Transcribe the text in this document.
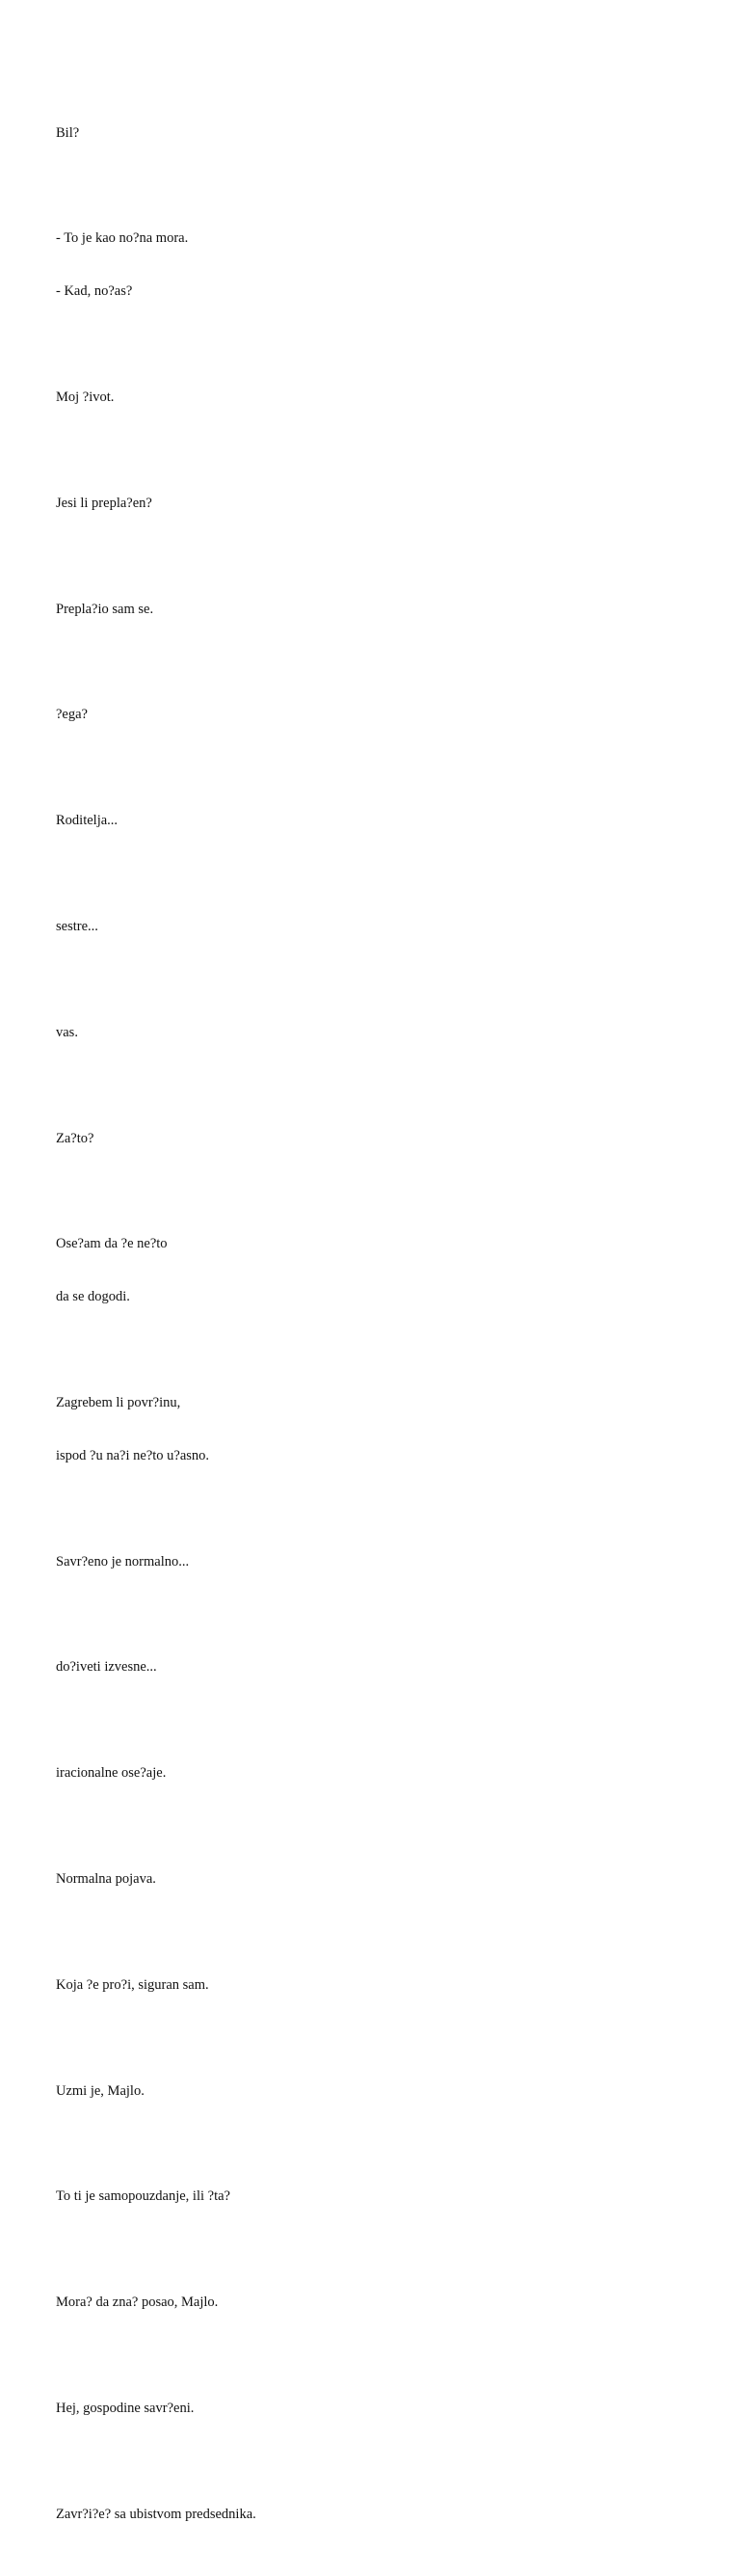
Bil?

- To je kao no?na mora.

- Kad, no?as?

Moj ?ivot.

Jesi li prepla?en?

Prepla?io sam se.

?ega?

Roditelja...

sestre...

vas.

Za?to?

Ose?am da ?e ne?to

da se dogodi.

Zagrebem li povr?inu,

ispod ?u na?i ne?to u?asno.

Savr?eno je normalno...

do?iveti izvesne...

iracionalne ose?aje.

Normalna pojava.

Koja ?e pro?i, siguran sam.

Uzmi je, Majlo.

To ti je samopouzdanje, ili ?ta?

Mora? da zna? posao, Majlo.

Hej, gospodine savr?eni.

Zavr?i?e? sa ubistvom predsednika.
